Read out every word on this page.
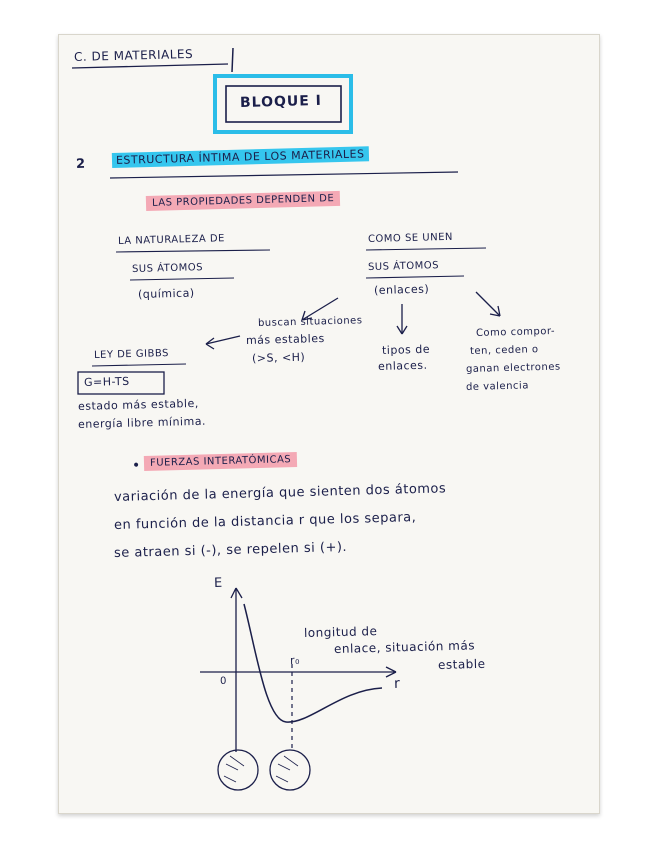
C. DE MATERIALES
BLOQUE I
2	ESTRUCTURA ÍNTIMA DE LOS MATERIALES
LAS PROPIEDADES DEPENDEN DE
LA NATURALEZA DE
SUS ÁTOMOS
(química)
COMO SE UNEN
SUS ÁTOMOS
(enlaces)
buscan situaciones
más estables
(>S, <H)
tipos de
enlaces.
Como compor-
ten, ceden o
ganan electrones
de valencia
LEY DE GIBBS
G=H-TS
estado más estable,
energía libre mínima.
• FUERZAS INTERATÓMICAS
variación de la energía que sienten dos átomos
en función de la distancia r que los separa,
se atraen si (-), se repelen si (+).
E
r
0
r₀
longitud de
enlace, situación más
estable
